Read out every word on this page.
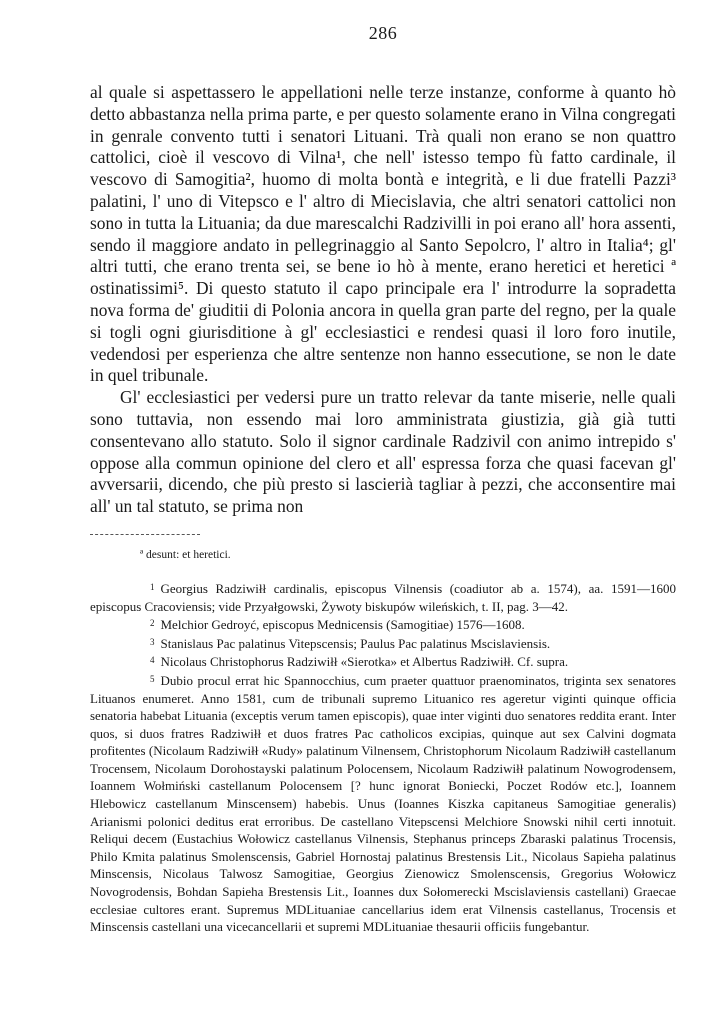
286

al quale si aspettassero le appellationi nelle terze instanze, conforme à quanto hò detto abbastanza nella prima parte, e per questo solamente erano in Vilna congregati in genrale convento tutti i senatori Lituani. Trà quali non erano se non quattro cattolici, cioè il vescovo di Vilna¹, che nell' istesso tempo fù fatto cardinale, il vescovo di Samogitia², huomo di molta bontà e integrità, e li due fratelli Pazzi³ palatini, l' uno di Vitepsco e l' altro di Miecislavia, che altri senatori cattolici non sono in tutta la Lituania; da due marescalchi Radzivilli in poi erano all' hora assenti, sendo il maggiore andato in pellegrinaggio al Santo Sepolcro, l' altro in Italia⁴; gl' altri tutti, che erano trenta sei, se bene io hò à mente, erano heretici et heretici ª ostinatissimi⁵. Di questo statuto il capo principale era l' introdurre la sopradetta nova forma de' giuditii di Polonia ancora in quella gran parte del regno, per la quale si togli ogni giurisditione à gl' ecclesiastici e rendesi quasi il loro foro inutile, vedendosi per esperienza che altre sentenze non hanno essecutione, se non le date in quel tribunale.

Gl' ecclesiastici per vedersi pure un tratto relevar da tante miserie, nelle quali sono tuttavia, non essendo mai loro amministrata giustizia, già già tutti consentevano allo statuto. Solo il signor cardinale Radzivil con animo intrepido s' oppose alla commun opinione del clero et all' espressa forza che quasi facevan gl' avversarii, dicendo, che più presto si lascierià tagliar à pezzi, che acconsentire mai all' un tal statuto, se prima non

ª desunt: et heretici.

1 Georgius Radziwiłł cardinalis, episcopus Vilnensis (coadiutor ab a. 1574), aa. 1591—1600 episcopus Cracoviensis; vide Przyałgowski, Żywoty biskupów wileńskich, t. II, pag. 3—42.

2 Melchior Gedroyć, episcopus Mednicensis (Samogitiae) 1576—1608.

3 Stanislaus Pac palatinus Vitepscensis; Paulus Pac palatinus Mscislaviensis.

4 Nicolaus Christophorus Radziwiłł «Sierotka» et Albertus Radziwiłł. Cf. supra.

5 Dubio procul errat hic Spannocchius, cum praeter quattuor praenominatos, triginta sex senatores Lituanos enumeret. Anno 1581, cum de tribunali supremo Lituanico res ageretur viginti quinque officia senatoria habebat Lituania (exceptis verum tamen episcopis), quae inter viginti duo senatores reddita erant. Inter quos, si duos fratres Radziwiłł et duos fratres Pac catholicos excipias, quinque aut sex Calvini dogmata profitentes (Nicolaum Radziwiłł «Rudy» palatinum Vilnensem, Christophorum Nicolaum Radziwiłł castellanum Trocensem, Nicolaum Dorohostayski palatinum Polocensem, Nicolaum Radziwiłł palatinum Nowogrodensem, Ioannem Wołmiński castellanum Polocensem [? hunc ignorat Boniecki, Poczet Rodów etc.], Ioannem Hlebowicz castellanum Minscensem) habebis. Unus (Ioannes Kiszka capitaneus Samogitiae generalis) Arianismi polonici deditus erat erroribus. De castellano Vitepscensi Melchiore Snowski nihil certi innotuit. Reliqui decem (Eustachius Wołowicz castellanus Vilnensis, Stephanus princeps Zbaraski palatinus Trocensis, Philo Kmita palatinus Smolenscensis, Gabriel Hornostaj palatinus Brestensis Lit., Nicolaus Sapieha palatinus Minscensis, Nicolaus Talwosz Samogitiae, Georgius Zienowicz Smolenscensis, Gregorius Wołowicz Novogrodensis, Bohdan Sapieha Brestensis Lit., Ioannes dux Sołomerecki Mscislaviensis castellani) Graecae ecclesiae cultores erant. Supremus MDLituaniae cancellarius idem erat Vilnensis castellanus, Trocensis et Minscensis castellani una vicecancellarii et supremi MDLituaniae thesaurii officiis fungebantur.
